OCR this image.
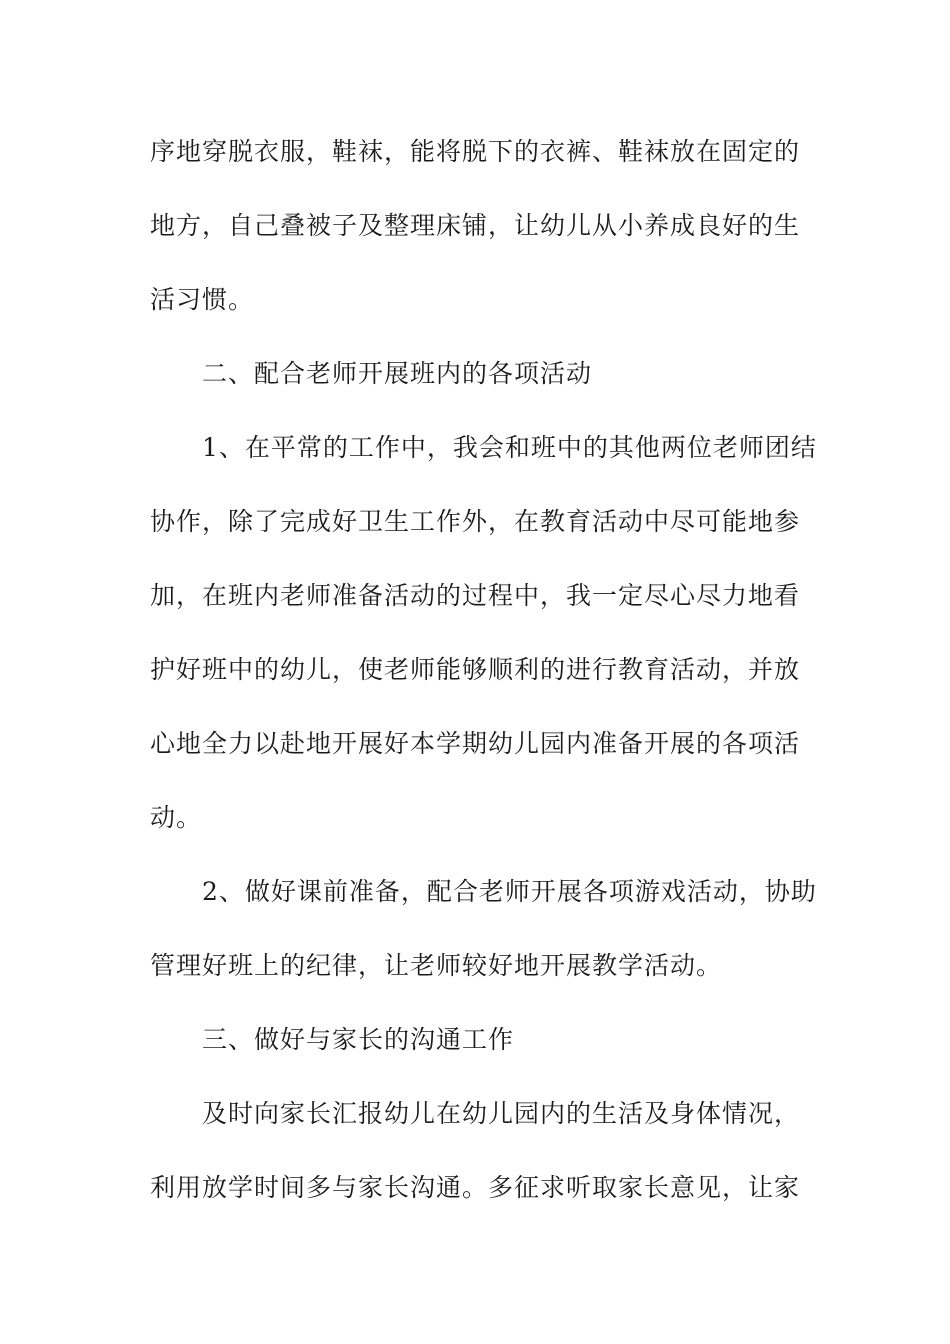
序地穿脱衣服，鞋袜，能将脱下的衣裤、鞋袜放在固定的
地方，自己叠被子及整理床铺，让幼儿从小养成良好的生
活习惯。
二、配合老师开展班内的各项活动
1、在平常的工作中，我会和班中的其他两位老师团结
协作，除了完成好卫生工作外，在教育活动中尽可能地参
加，在班内老师准备活动的过程中，我一定尽心尽力地看
护好班中的幼儿，使老师能够顺利的进行教育活动，并放
心地全力以赴地开展好本学期幼儿园内准备开展的各项活
动。
2、做好课前准备，配合老师开展各项游戏活动，协助
管理好班上的纪律，让老师较好地开展教学活动。
三、做好与家长的沟通工作
及时向家长汇报幼儿在幼儿园内的生活及身体情况，
利用放学时间多与家长沟通。多征求听取家长意见，让家
